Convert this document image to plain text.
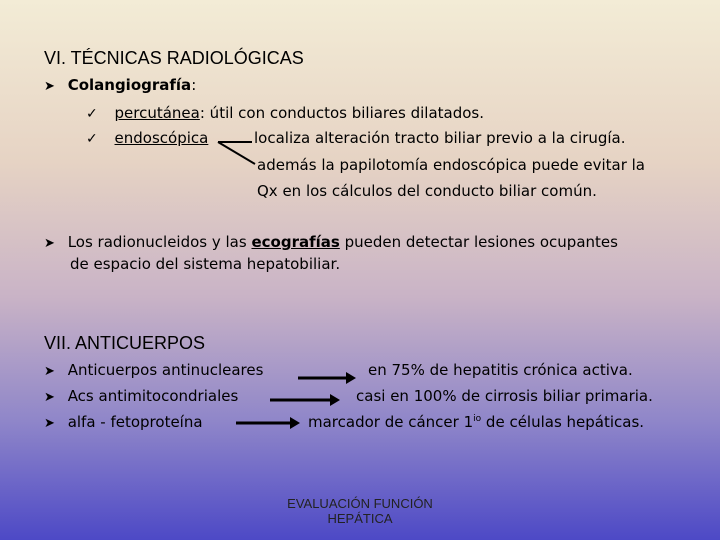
VI. TÉCNICAS RADIOLÓGICAS
➤ Colangiografía:
✓ percutánea: útil con conductos biliares dilatados.
✓ endoscópica	localiza alteración tracto biliar previo a la cirugía.
además la papilotomía endoscópica puede evitar la
Qx en los cálculos del conducto biliar común.
➤ Los radionucleidos y las ecografías pueden detectar lesiones ocupantes
de espacio del sistema hepatobiliar.
VII. ANTICUERPOS
➤ Anticuerpos antinucleares	en 75% de hepatitis crónica activa.
➤ Acs antimitocondriales	casi en 100% de cirrosis biliar primaria.
➤ alfa - fetoproteína	marcador de cáncer $1^{io}$ de células hepáticas.
EVALUACIÓN FUNCIÓN
HEPÁTICA
